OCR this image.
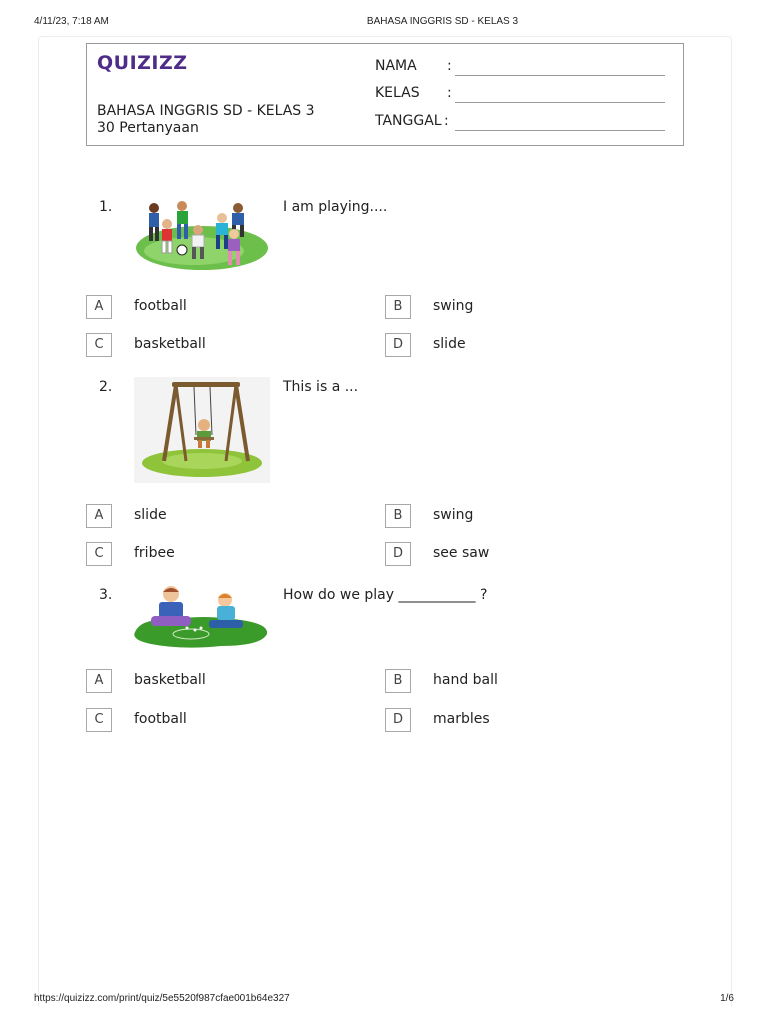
4/11/23, 7:18 AM	BAHASA INGGRIS SD - KELAS 3
QUIZIZZ
BAHASA INGGRIS SD - KELAS 3
30 Pertanyaan
NAMA :
KELAS :
TANGGAL :
1.	I am playing....
A	football	B	swing
C	basketball	D	slide
2.	This is a ...
A	slide	B	swing
C	fribee	D	see saw
3.	How do we play ___________ ?
A	basketball	B	hand ball
C	football	D	marbles
https://quizizz.com/print/quiz/5e5520f987cfae001b64e327	1/6
